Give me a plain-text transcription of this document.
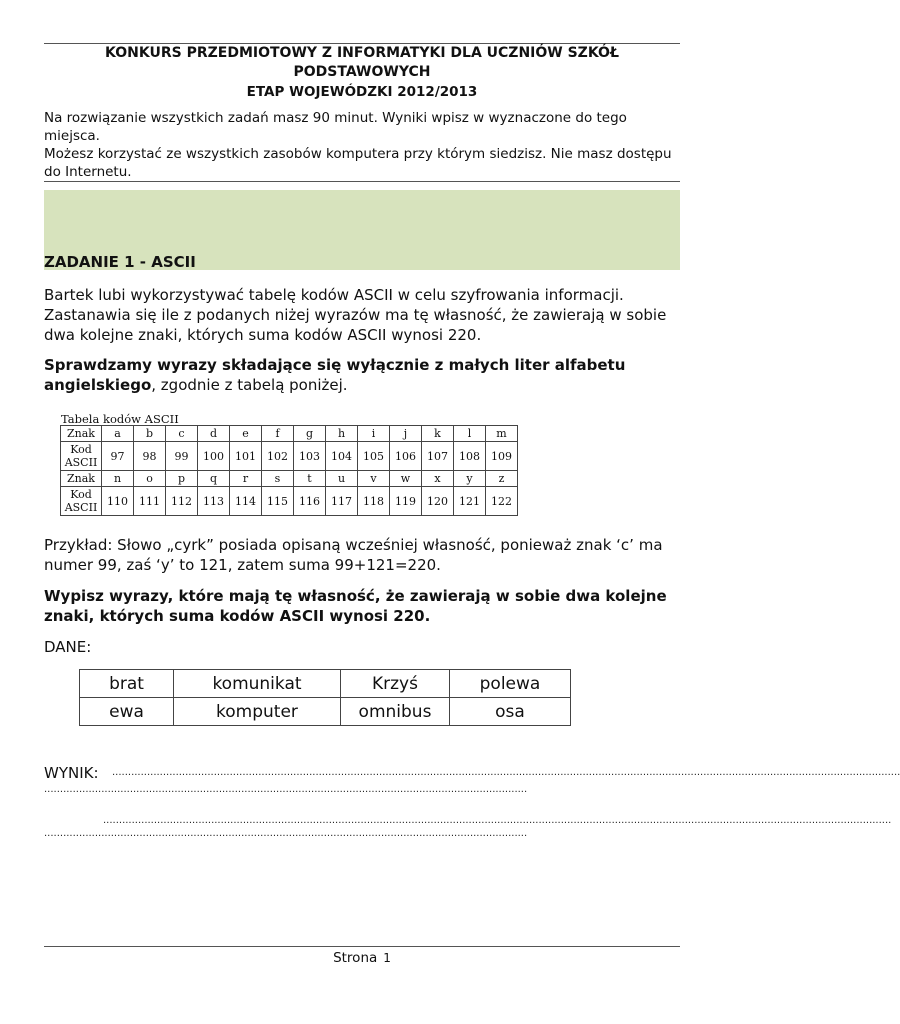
KONKURS PRZEDMIOTOWY Z INFORMATYKI DLA UCZNIÓW SZKÓŁ
PODSTAWOWYCH
ETAP WOJEWÓDZKI 2012/2013
Na rozwiązanie wszystkich zadań masz 90 minut. Wyniki wpisz w wyznaczone do tego
miejsca.
Możesz korzystać ze wszystkich zasobów komputera przy którym siedzisz. Nie masz dostępu
do Internetu.
ZADANIE 1 - ASCII
Bartek lubi wykorzystywać tabelę kodów ASCII w celu szyfrowania informacji.
Zastanawia się ile z podanych niżej wyrazów ma tę własność, że zawierają w sobie
dwa kolejne znaki, których suma kodów ASCII wynosi 220.
Sprawdzamy wyrazy składające się wyłącznie z małych liter alfabetu
angielskiego, zgodnie z tabelą poniżej.
Tabela kodów ASCII
Znak	a	b	c	d	e	f	g	h	i	j	k	l	m
Kod
ASCII	97	98	99	100	101	102	103	104	105	106	107	108	109
Znak	n	o	p	q	r	s	t	u	v	w	x	y	z
Kod
ASCII	110	111	112	113	114	115	116	117	118	119	120	121	122
Przykład: Słowo „cyrk” posiada opisaną wcześniej własność, ponieważ znak ‘c’ ma
numer 99, zaś ‘y’ to 121, zatem suma 99+121=220.
Wypisz wyrazy, które mają tę własność, że zawierają w sobie dwa kolejne
znaki, których suma kodów ASCII wynosi 220.
DANE:
brat	komunikat	Krzyś	polewa
ewa	komputer	omnibus	osa
WYNIK:	........................................................................................................................................................................................................................................................
........................................................................................................................................................
........................................................................................................................................................................................................................................................
........................................................................................................................................................
Strona 1
